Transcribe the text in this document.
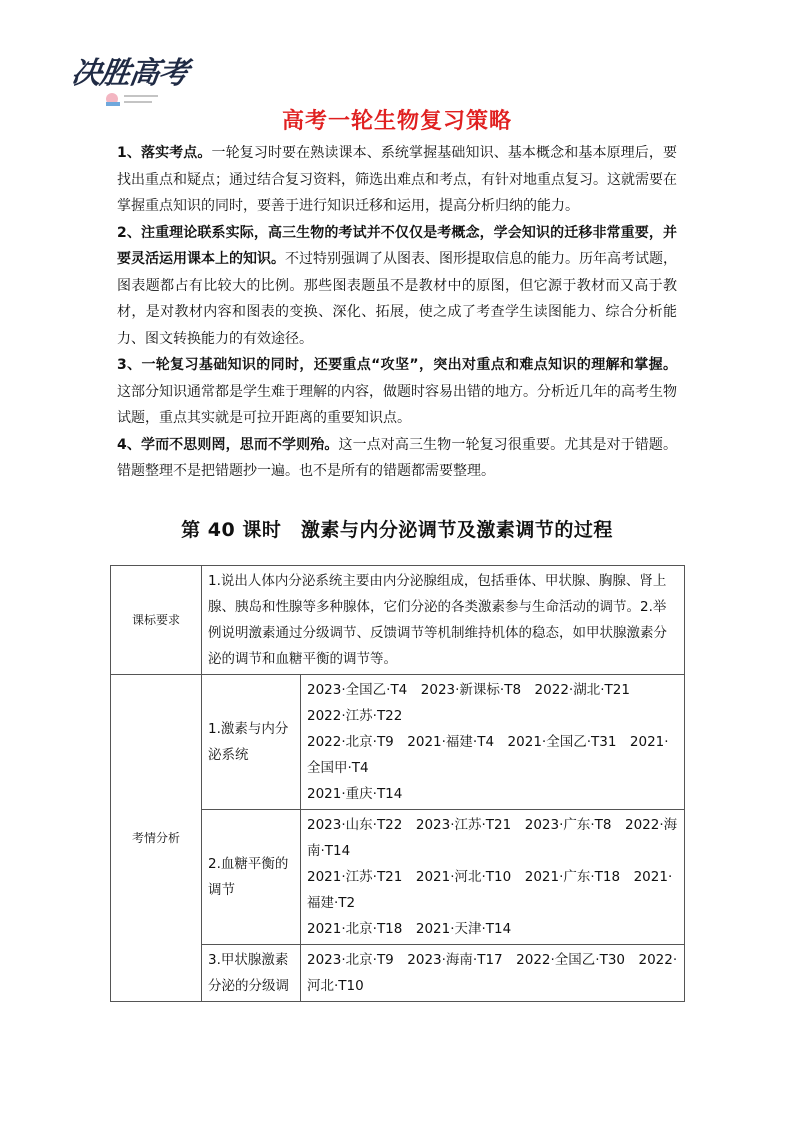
决胜高考
高考一轮生物复习策略

1、落实考点。一轮复习时要在熟读课本、系统掌握基础知识、基本概念和基本原理后，要找出重点和疑点；通过结合复习资料，筛选出难点和考点，有针对地重点复习。这就需要在掌握重点知识的同时，要善于进行知识迁移和运用，提高分析归纳的能力。

2、注重理论联系实际，高三生物的考试并不仅仅是考概念，学会知识的迁移非常重要，并要灵活运用课本上的知识。不过特别强调了从图表、图形提取信息的能力。历年高考试题，图表题都占有比较大的比例。那些图表题虽不是教材中的原图，但它源于教材而又高于教材，是对教材内容和图表的变换、深化、拓展，使之成了考查学生读图能力、综合分析能力、图文转换能力的有效途径。

3、一轮复习基础知识的同时，还要重点“攻坚”，突出对重点和难点知识的理解和掌握。这部分知识通常都是学生难于理解的内容，做题时容易出错的地方。分析近几年的高考生物试题，重点其实就是可拉开距离的重要知识点。

4、学而不思则罔，思而不学则殆。这一点对高三生物一轮复习很重要。尤其是对于错题。错题整理不是把错题抄一遍。也不是所有的错题都需要整理。

第 40 课时　激素与内分泌调节及激素调节的过程
课标要求	1.说出人体内分泌系统主要由内分泌腺组成，包括垂体、甲状腺、胸腺、肾上腺、胰岛和性腺等多种腺体，它们分泌的各类激素参与生命活动的调节。2.举例说明激素通过分级调节、反馈调节等机制维持机体的稳态，如甲状腺激素分泌的调节和血糖平衡的调节等。	
考情分析	1.激素与内分泌系统	2023·全国乙·T4　2023·新课标·T8　2022·湖北·T21　2022·江苏·T22
2022·北京·T9　2021·福建·T4　2021·全国乙·T31　2021·全国甲·T4
2021·重庆·T14

	2.血糖平衡的调节	2023·山东·T22　2023·江苏·T21　2023·广东·T8　2022·海南·T14
2021·江苏·T21　2021·河北·T10　2021·广东·T18　2021·福建·T2
2021·北京·T18　2021·天津·T14

	3.甲状腺激素分泌的分级调	2023·北京·T9　2023·海南·T17　2022·全国乙·T30　2022·河北·T10
